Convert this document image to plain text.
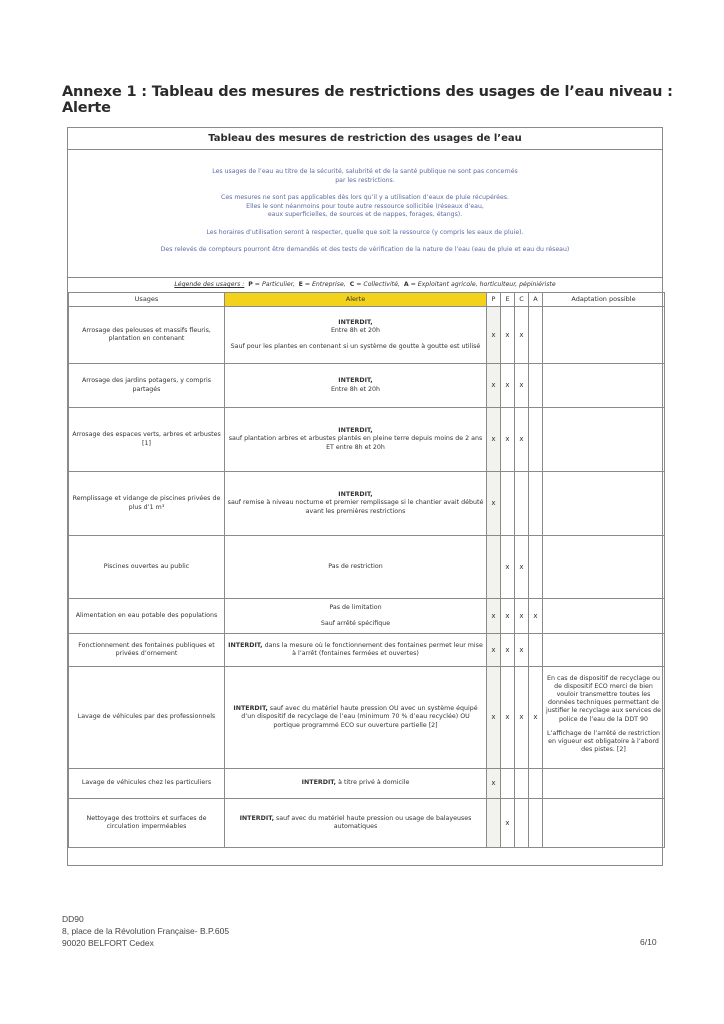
Annexe 1 : Tableau des mesures de restrictions des usages de l’eau niveau : Alerte
Tableau des mesures de restriction des usages de l’eau

Les usages de l’eau au titre de la sécurité, salubrité et de la santé publique ne sont pas concernés
par les restrictions.

Ces mesures ne sont pas applicables dès lors qu’il y a utilisation d’eaux de pluie récupérées.
Elles le sont néanmoins pour toute autre ressource sollicitée (réseaux d’eau,
eaux superficielles, de sources et de nappes, forages, étangs).

Les horaires d’utilisation seront à respecter, quelle que soit la ressource (y compris les eaux de pluie).

Des relevés de compteurs pourront être demandés et des tests de vérification de la nature de l’eau (eau de pluie et eau du réseau)

Légende des usagers : P = Particulier, E = Entreprise, C = Collectivité, A = Exploitant agricole, horticulteur, pépiniériste
Usages	Alerte	P	E	C	A	Adaptation possible
Arrosage des pelouses et massifs fleuris, plantation en contenant	INTERDIT,
Entre 8h et 20h

Sauf pour les plantes en contenant si un système de goutte à goutte est utilisé	x	x	x		
Arrosage des jardins potagers, y compris partagés	INTERDIT,
Entre 8h et 20h	x	x	x		
Arrosage des espaces verts, arbres et arbustes [1]	INTERDIT,
sauf plantation arbres et arbustes plantés en pleine terre depuis moins de 2 ans ET entre 8h et 20h	x	x	x		
Remplissage et vidange de piscines privées de plus d’1 m³	INTERDIT,
sauf remise à niveau nocturne et premier remplissage si le chantier avait débuté avant les premières restrictions	x				
Piscines ouvertes au public	Pas de restriction		x	x		
Alimentation en eau potable des populations	Pas de limitation

Sauf arrêté spécifique	x	x	x	x	
Fonctionnement des fontaines publiques et privées d’ornement	INTERDIT, dans la mesure où le fonctionnement des fontaines permet leur mise à l’arrêt (fontaines fermées et ouvertes)	x	x	x		
Lavage de véhicules par des professionnels	INTERDIT, sauf avec du matériel haute pression OU avec un système équipé d’un dispositif de recyclage de l’eau (minimum 70 % d’eau recyclée) OU portique programmé ECO sur ouverture partielle [2]	x	x	x	x	En cas de dispositif de recyclage ou de dispositif ECO merci de bien vouloir transmettre toutes les données techniques permettant de justifier le recyclage aux services de police de l’eau de la DDT 90

L’affichage de l’arrêté de restriction en vigueur est obligatoire à l’abord des pistes. [2]

Lavage de véhicules chez les particuliers	INTERDIT, à titre privé à domicile	x				
Nettoyage des trottoirs et surfaces de circulation imperméables	INTERDIT, sauf avec du matériel haute pression ou usage de balayeuses automatiques		x			
DD90
8, place de la Révolution Française- B.P.605
90020 BELFORT Cedex	6/10
